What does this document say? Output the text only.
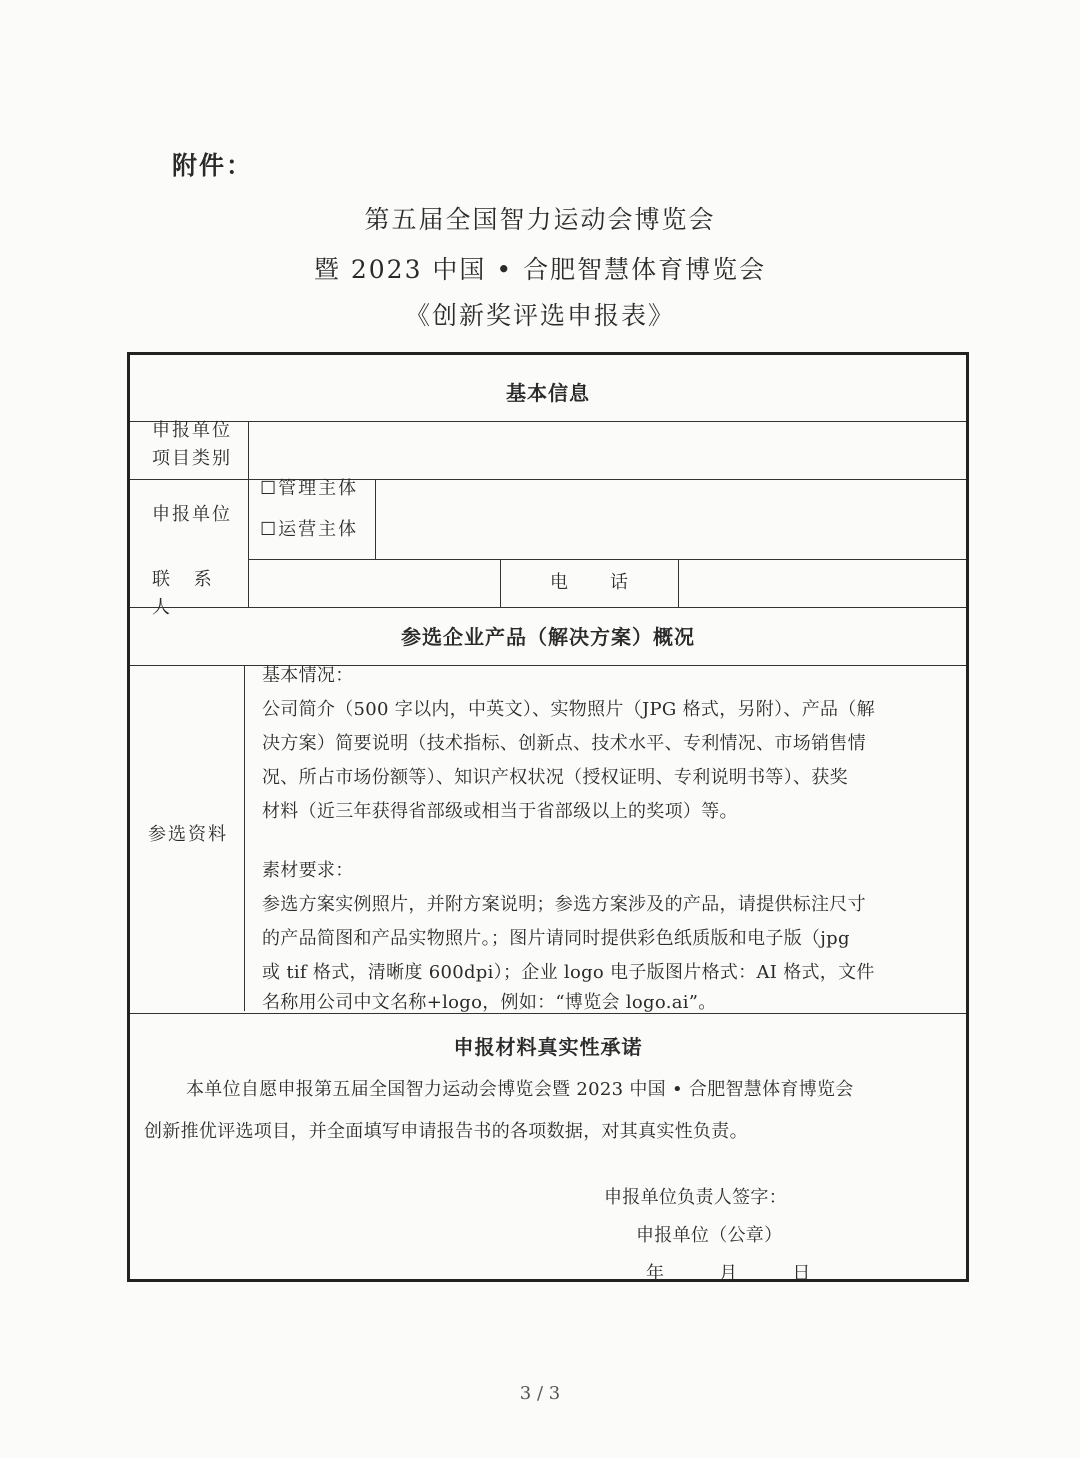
附件：
第五届全国智力运动会博览会
暨 2023 中国 • 合肥智慧体育博览会
《创新奖评选申报表》
基本信息
申报单位
项目类别
申报单位
☐管理主体
☐运营主体
联 系 人
电　　话
参选企业产品（解决方案）概况
参选资料
基本情况：
公司简介（500 字以内，中英文）、实物照片（JPG 格式，另附）、产品（解
决方案）简要说明（技术指标、创新点、技术水平、专利情况、市场销售情
况、所占市场份额等）、知识产权状况（授权证明、专利说明书等）、获奖
材料（近三年获得省部级或相当于省部级以上的奖项）等。
素材要求：
参选方案实例照片，并附方案说明；参选方案涉及的产品，请提供标注尺寸
的产品简图和产品实物照片。；图片请同时提供彩色纸质版和电子版（jpg
或 tif 格式，清晰度 600dpi）；企业 logo 电子版图片格式：AI 格式，文件
名称用公司中文名称+logo，例如：“博览会 logo.ai”。
申报材料真实性承诺
本单位自愿申报第五届全国智力运动会博览会暨 2023 中国 • 合肥智慧体育博览会
创新推优评选项目，并全面填写申请报告书的各项数据，对其真实性负责。
申报单位负责人签字：
申报单位（公章）
年　　　月　　　日
3 / 3
